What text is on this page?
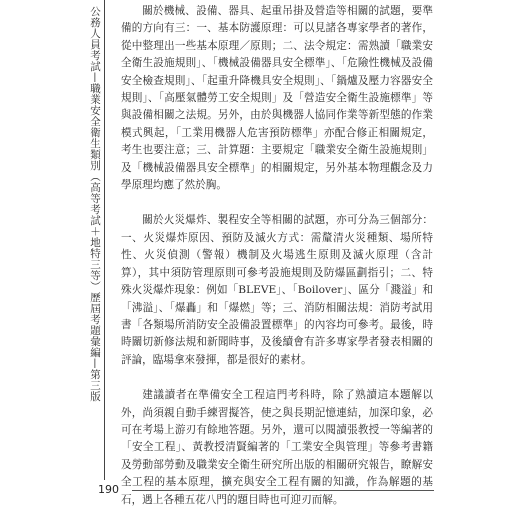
公務人員考試—職業安全衛生類別（高等考試＋地特三等）歷屆考題彙編—第三版	關於機械、設備、器具、起重吊掛及營造等相關的試題，要準備的方向有三：一、基本防護原理：可以見諸各專家學者的著作，從中整理出一些基本原理／原則；二、法令規定：需熟讀「職業安全衛生設施規則」、「機械設備器具安全標準」、「危險性機械及設備安全檢查規則」、「起重升降機具安全規則」、「鍋爐及壓力容器安全規則」、「高壓氣體勞工安全規則」及「營造安全衛生設施標準」等與設備相關之法規。另外，由於與機器人協同作業等新型態的作業模式興起，「工業用機器人危害預防標準」亦配合修正相關規定，考生也要注意；三、計算題：主要規定「職業安全衛生設施規則」及「機械設備器具安全標準」的相關規定，另外基本物理觀念及力學原理均應了然於胸。

關於火災爆炸、製程安全等相關的試題，亦可分為三個部分：一、火災爆炸原因、預防及滅火方式：需釐清火災種類、場所特性、火災偵測（警報）機制及火場逃生原則及滅火原理（含計算），其中須防管理原則可參考設施規則及防爆區劃指引；二、特殊火災爆炸現象：例如「BLEVE」、「Boilover」、區分「濺溢」和「沸溢」、「爆轟」和「爆燃」等；三、消防相關法規：消防考試用書「各類場所消防安全設備設置標準」的內容均可參考。最後，時時關切新修法規和新聞時事，及後續會有許多專家學者發表相關的評論，臨場拿來發揮，都是很好的素材。

建議讀者在準備安全工程這門考科時，除了熟讀這本題解以外，尚須親自動手練習擬答，使之與長期記憶連結，加深印象，必可在考場上游刃有餘地答題。另外，還可以閱讀張教授一等編著的「安全工程」、黃教授清賢編著的「工業安全與管理」等參考書籍及勞動部勞動及職業安全衛生研究所出版的相關研究報告，瞭解安全工程的基本原理，擴充與安全工程有關的知識，作為解題的基石，遇上各種五花八門的題目時也可迎刃而解。

190
